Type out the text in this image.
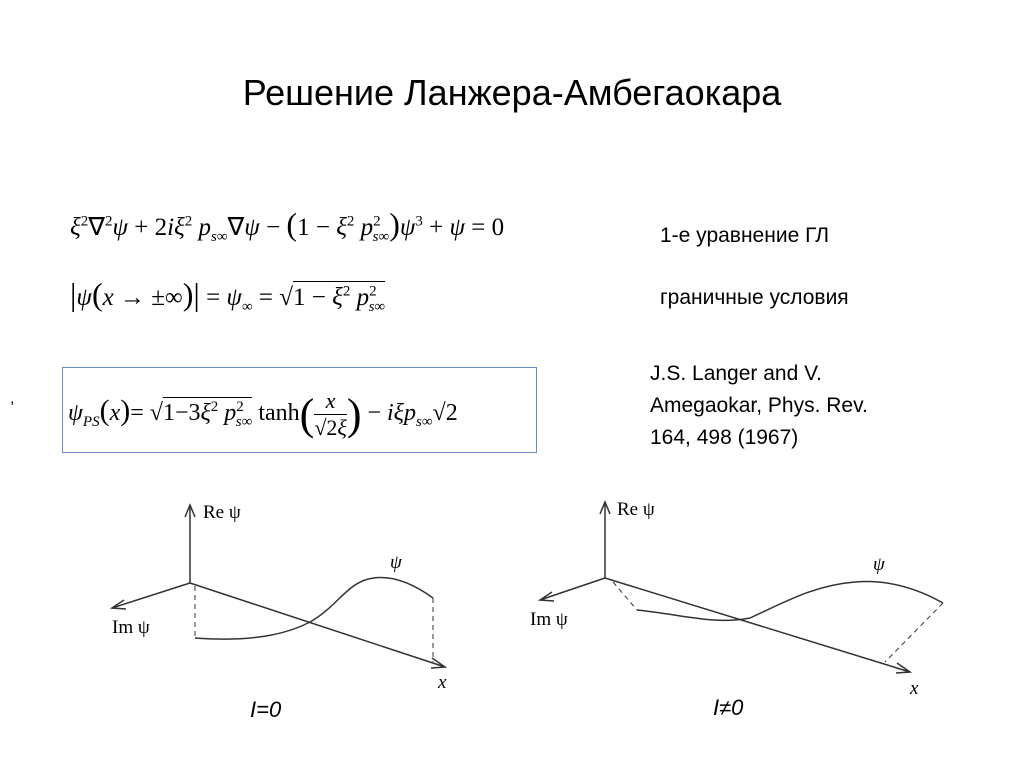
Решение Ланжера-Амбегаокара
$\xi^2\nabla^2\psi + 2i\xi^2$ $p_{s\infty}\nabla\psi - (1 - \xi^2$ $p^2_{s\infty})\psi^3 + \psi = 0$	1-е уравнение ГЛ
|ψ(x → ±∞)| = $\psi_\infty = √1 - \xi^2$ $p^2_{s\infty}$	граничные условия
,
$\psi_{PS}(x)= √1-3\xi^2$ $p^2_{s\infty}$ $\tanh( \frac{x}{√2\xi}$ ) − iξp$_{s\infty}$√2
J.S. Langer and V.
Amegaokar, Phys. Rev.
164, 498 (1967)
Re ψ
Im ψ
x
ψ
I=0
Re ψ
Im ψ
x
ψ
I≠0
